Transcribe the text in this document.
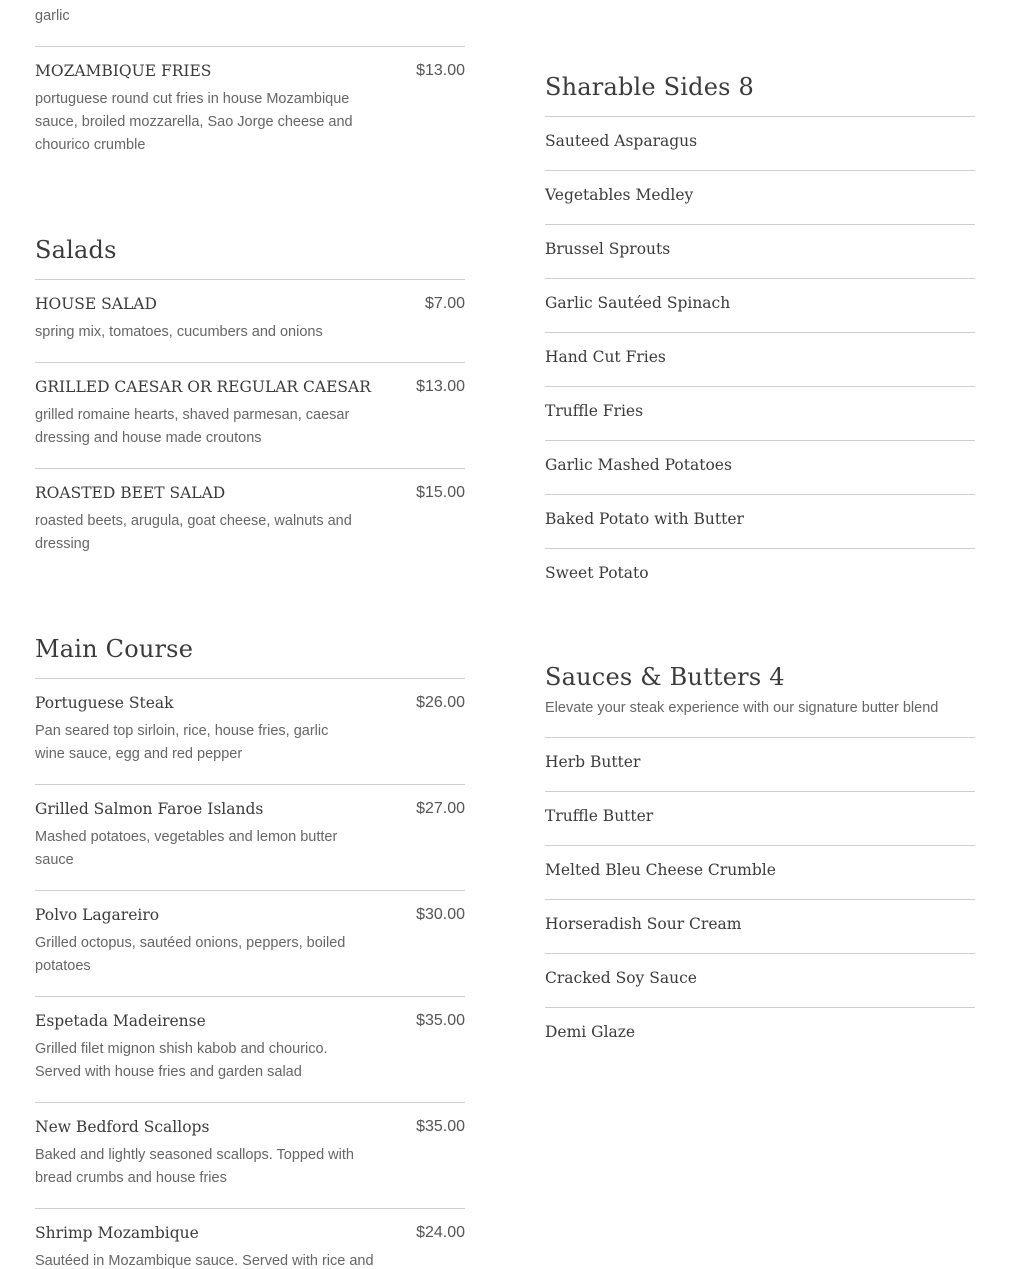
garlic
MOZAMBIQUE FRIES	$13.00
portuguese round cut fries in house Mozambique sauce, broiled mozzarella, Sao Jorge cheese and chourico crumble
Salads
HOUSE SALAD	$7.00
spring mix, tomatoes, cucumbers and onions
GRILLED CAESAR OR REGULAR CAESAR	$13.00
grilled romaine hearts, shaved parmesan, caesar dressing and house made croutons
ROASTED BEET SALAD	$15.00
roasted beets, arugula, goat cheese, walnuts and dressing
Main Course
Portuguese Steak	$26.00
Pan seared top sirloin, rice, house fries, garlic wine sauce, egg and red pepper
Grilled Salmon Faroe Islands	$27.00
Mashed potatoes, vegetables and lemon butter sauce
Polvo Lagareiro	$30.00
Grilled octopus, sautéed onions, peppers, boiled potatoes
Espetada Madeirense	$35.00
Grilled filet mignon shish kabob and chourico. Served with house fries and garden salad
New Bedford Scallops	$35.00
Baked and lightly seasoned scallops. Topped with bread crumbs and house fries
Shrimp Mozambique	$24.00
Sautéed in Mozambique sauce. Served with rice and
Sharable Sides 8
Sauteed Asparagus
Vegetables Medley
Brussel Sprouts
Garlic Sautéed Spinach
Hand Cut Fries
Truffle Fries
Garlic Mashed Potatoes
Baked Potato with Butter
Sweet Potato
Sauces & Butters 4
Elevate your steak experience with our signature butter blend
Herb Butter
Truffle Butter
Melted Bleu Cheese Crumble
Horseradish Sour Cream
Cracked Soy Sauce
Demi Glaze
